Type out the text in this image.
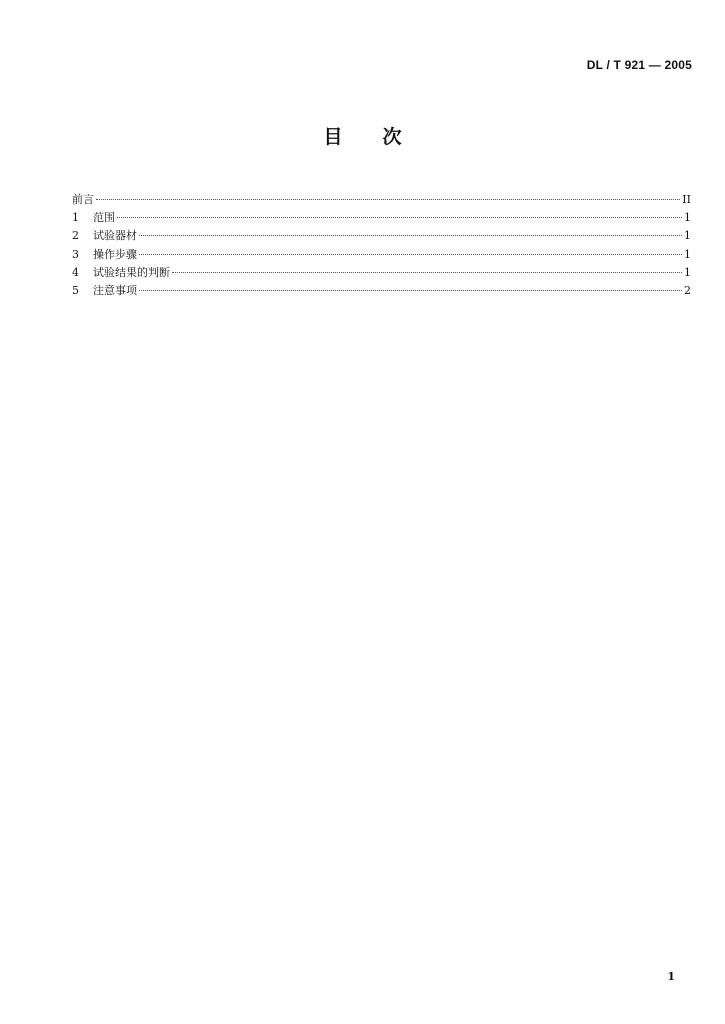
DL / T 921 — 2005
目 次
前言	II
1	范围	1
2	试验器材	1
3	操作步骤	1
4	试验结果的判断	1
5	注意事项	2
1
